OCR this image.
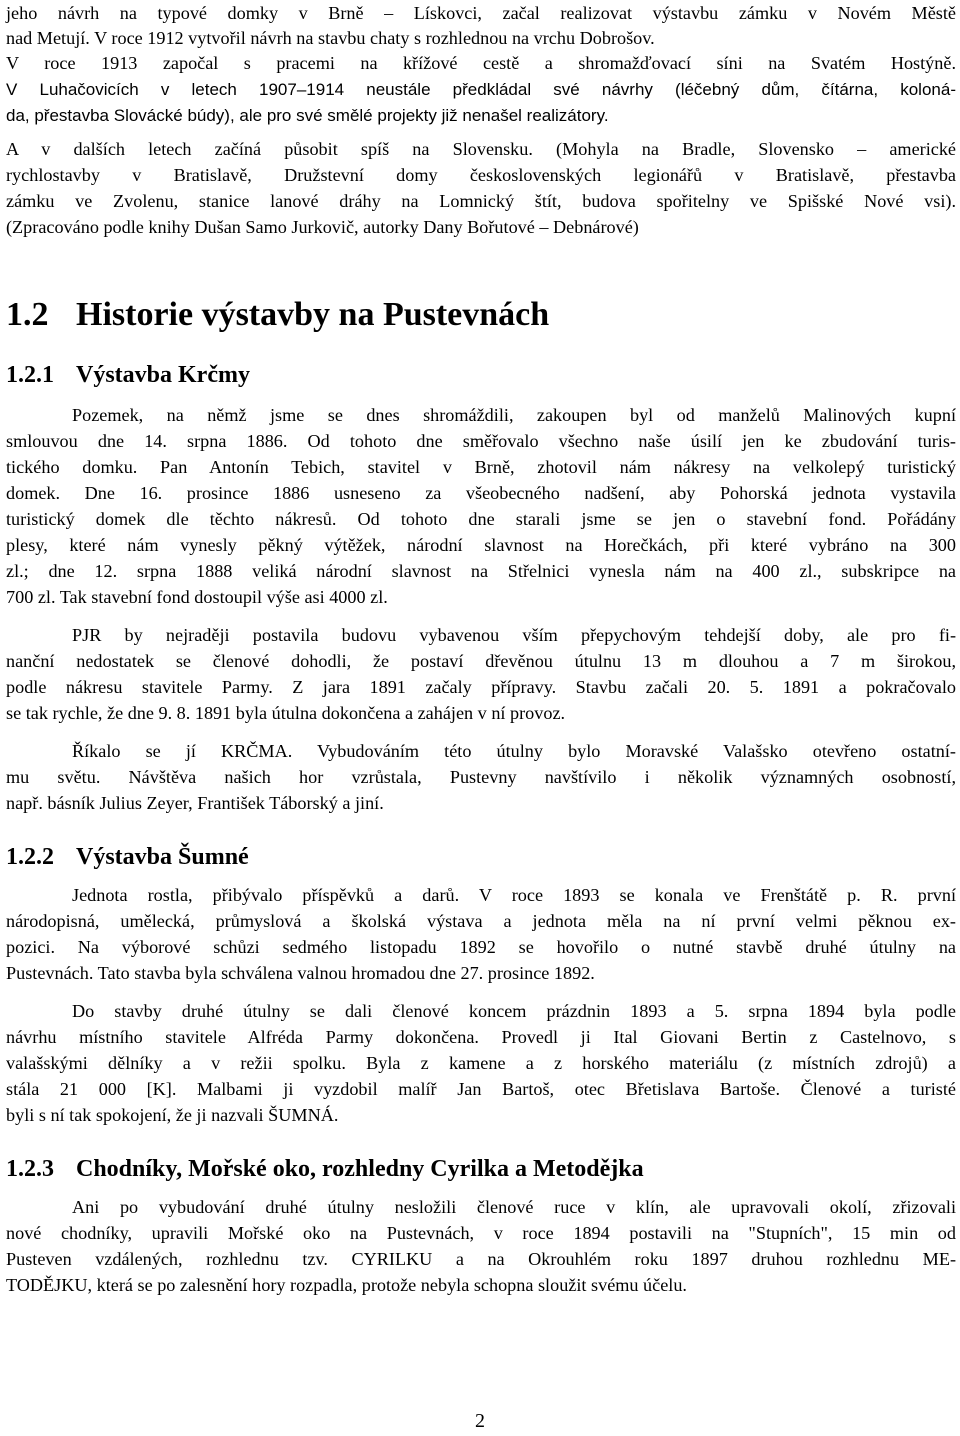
jeho návrh na typové domky v Brně – Lískovci, začal realizovat výstavbu zámku v Novém Městě
nad Metují. V roce 1912 vytvořil návrh na stavbu chaty s rozhlednou na vrchu Dobrošov.
V roce 1913 započal s pracemi na křížové cestě a shromažďovací síni na Svatém Hostýně.
V Luhačovicích v letech 1907–1914 neustále předkládal své návrhy (léčebný dům, čítárna, koloná-
da, přestavba Slovácké búdy), ale pro své smělé projekty již nenašel realizátory.
A v dalších letech začíná působit spíš na Slovensku. (Mohyla na Bradle, Slovensko – americké
rychlostavby v Bratislavě, Družstevní domy československých legionářů v Bratislavě, přestavba
zámku ve Zvolenu, stanice lanové dráhy na Lomnický štít, budova spořitelny ve Spišské Nové vsi).
(Zpracováno podle knihy Dušan Samo Jurkovič, autorky Dany Bořutové – Debnárové)
1.2 Historie výstavby na Pustevnách
1.2.1 Výstavba Krčmy
Pozemek, na němž jsme se dnes shromáždili, zakoupen byl od manželů Malinových kupní
smlouvou dne 14. srpna 1886. Od tohoto dne směřovalo všechno naše úsilí jen ke zbudování turis-
tického domku. Pan Antonín Tebich, stavitel v Brně, zhotovil nám nákresy na velkolepý turistický
domek. Dne 16. prosince 1886 usneseno za všeobecného nadšení, aby Pohorská jednota vystavila
turistický domek dle těchto nákresů. Od tohoto dne starali jsme se jen o stavební fond. Pořádány
plesy, které nám vynesly pěkný výtěžek, národní slavnost na Horečkách, při které vybráno na 300
zl.; dne 12. srpna 1888 veliká národní slavnost na Střelnici vynesla nám na 400 zl., subskripce na
700 zl. Tak stavební fond dostoupil výše asi 4000 zl.
PJR by nejraději postavila budovu vybavenou vším přepychovým tehdejší doby, ale pro fi-
nanční nedostatek se členové dohodli, že postaví dřevěnou útulnu 13 m dlouhou a 7 m širokou,
podle nákresu stavitele Parmy. Z jara 1891 začaly přípravy. Stavbu začali 20. 5. 1891 a pokračovalo
se tak rychle, že dne 9. 8. 1891 byla útulna dokončena a zahájen v ní provoz.
Říkalo se jí KRČMA. Vybudováním této útulny bylo Moravské Valašsko otevřeno ostatní-
mu světu. Návštěva našich hor vzrůstala, Pustevny navštívilo i několik významných osobností,
např. básník Julius Zeyer, František Táborský a jiní.
1.2.2 Výstavba Šumné
Jednota rostla, přibývalo příspěvků a darů. V roce 1893 se konala ve Frenštátě p. R. první
národopisná, umělecká, průmyslová a školská výstava a jednota měla na ní první velmi pěknou ex-
pozici. Na výborové schůzi sedmého listopadu 1892 se hovořilo o nutné stavbě druhé útulny na
Pustevnách. Tato stavba byla schválena valnou hromadou dne 27. prosince 1892.
Do stavby druhé útulny se dali členové koncem prázdnin 1893 a 5. srpna 1894 byla podle
návrhu místního stavitele Alfréda Parmy dokončena. Provedl ji Ital Giovani Bertin z Castelnovo, s
valašskými dělníky a v režii spolku. Byla z kamene a z horského materiálu (z místních zdrojů) a
stála 21 000 [K]. Malbami ji vyzdobil malíř Jan Bartoš, otec Břetislava Bartoše. Členové a turisté
byli s ní tak spokojení, že ji nazvali ŠUMNÁ.
1.2.3 Chodníky, Mořské oko, rozhledny Cyrilka a Metodějka
Ani po vybudování druhé útulny nesložili členové ruce v klín, ale upravovali okolí, zřizovali
nové chodníky, upravili Mořské oko na Pustevnách, v roce 1894 postavili na "Stupních", 15 min od
Pusteven vzdálených, rozhlednu tzv. CYRILKU a na Okrouhlém roku 1897 druhou rozhlednu ME-
TODĚJKU, která se po zalesnění hory rozpadla, protože nebyla schopna sloužit svému účelu.
2
